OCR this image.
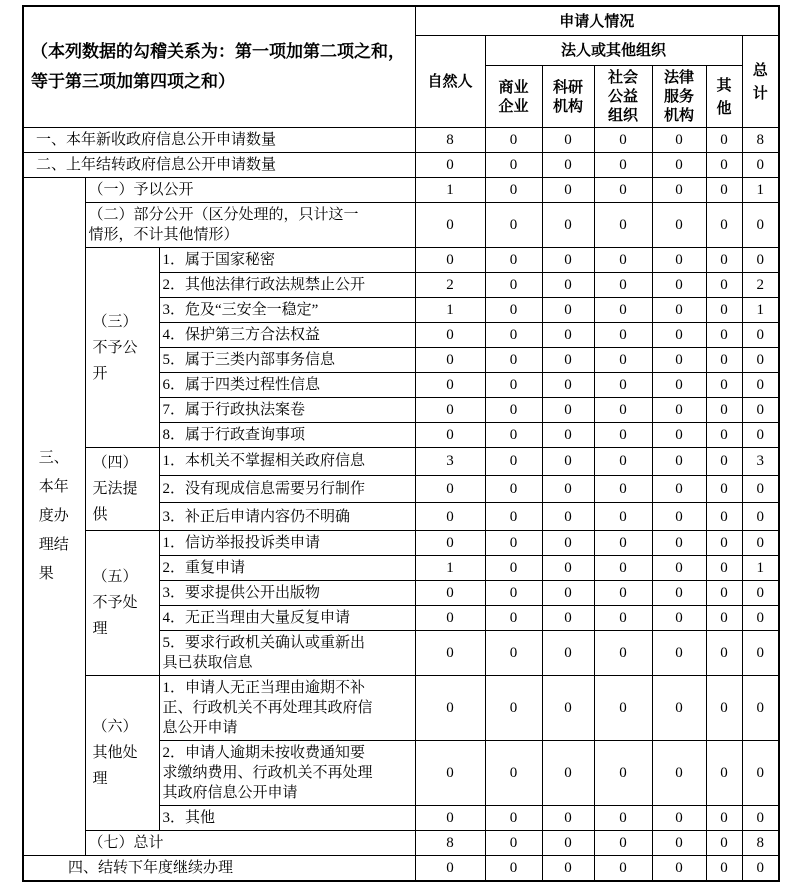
（本列数据的勾稽关系为：第一项加第二项之和，等于第三项加第四项之和）			申请人情况						
			自然人	法人或其他组织					总计

				商业企业	科研机构	社会公益组织	法律服务机构	其他	

一、本年新收政府信息公开申请数量			8	0	0	0	0	0	8
二、上年结转政府信息公开申请数量			0	0	0	0	0	0	0

三、本年度办理结果	（一）予以公开		1	0	0	0	0	0	1

	（二）部分公开（区分处理的，只计这一情形，不计其他情形）		0	0	0	0	0	0	0

	（三）不予公开	1．属于国家秘密	0	0	0	0	0	0	0

		2．其他法律行政法规禁止公开	2	0	0	0	0	0	2

		3．危及“三安全一稳定”	1	0	0	0	0	0	1

		4．保护第三方合法权益	0	0	0	0	0	0	0

		5．属于三类内部事务信息	0	0	0	0	0	0	0

		6．属于四类过程性信息	0	0	0	0	0	0	0

		7．属于行政执法案卷	0	0	0	0	0	0	0

		8．属于行政查询事项	0	0	0	0	0	0	0

	（四）无法提供	1．本机关不掌握相关政府信息	3	0	0	0	0	0	3

		2．没有现成信息需要另行制作	0	0	0	0	0	0	0

		3．补正后申请内容仍不明确	0	0	0	0	0	0	0

	（五）不予处理	1．信访举报投诉类申请	0	0	0	0	0	0	0

		2．重复申请	1	0	0	0	0	0	1

		3．要求提供公开出版物	0	0	0	0	0	0	0

		4．无正当理由大量反复申请	0	0	0	0	0	0	0

		5．要求行政机关确认或重新出具已获取信息	0	0	0	0	0	0	0

	（六）其他处理	1．申请人无正当理由逾期不补正、行政机关不再处理其政府信息公开申请	0	0	0	0	0	0	0

		2．申请人逾期未按收费通知要求缴纳费用、行政机关不再处理其政府信息公开申请	0	0	0	0	0	0	0

		3．其他	0	0	0	0	0	0	0
	（七）总计		8	0	0	0	0	0	8
四、结转下年度继续办理			0	0	0	0	0	0	0
